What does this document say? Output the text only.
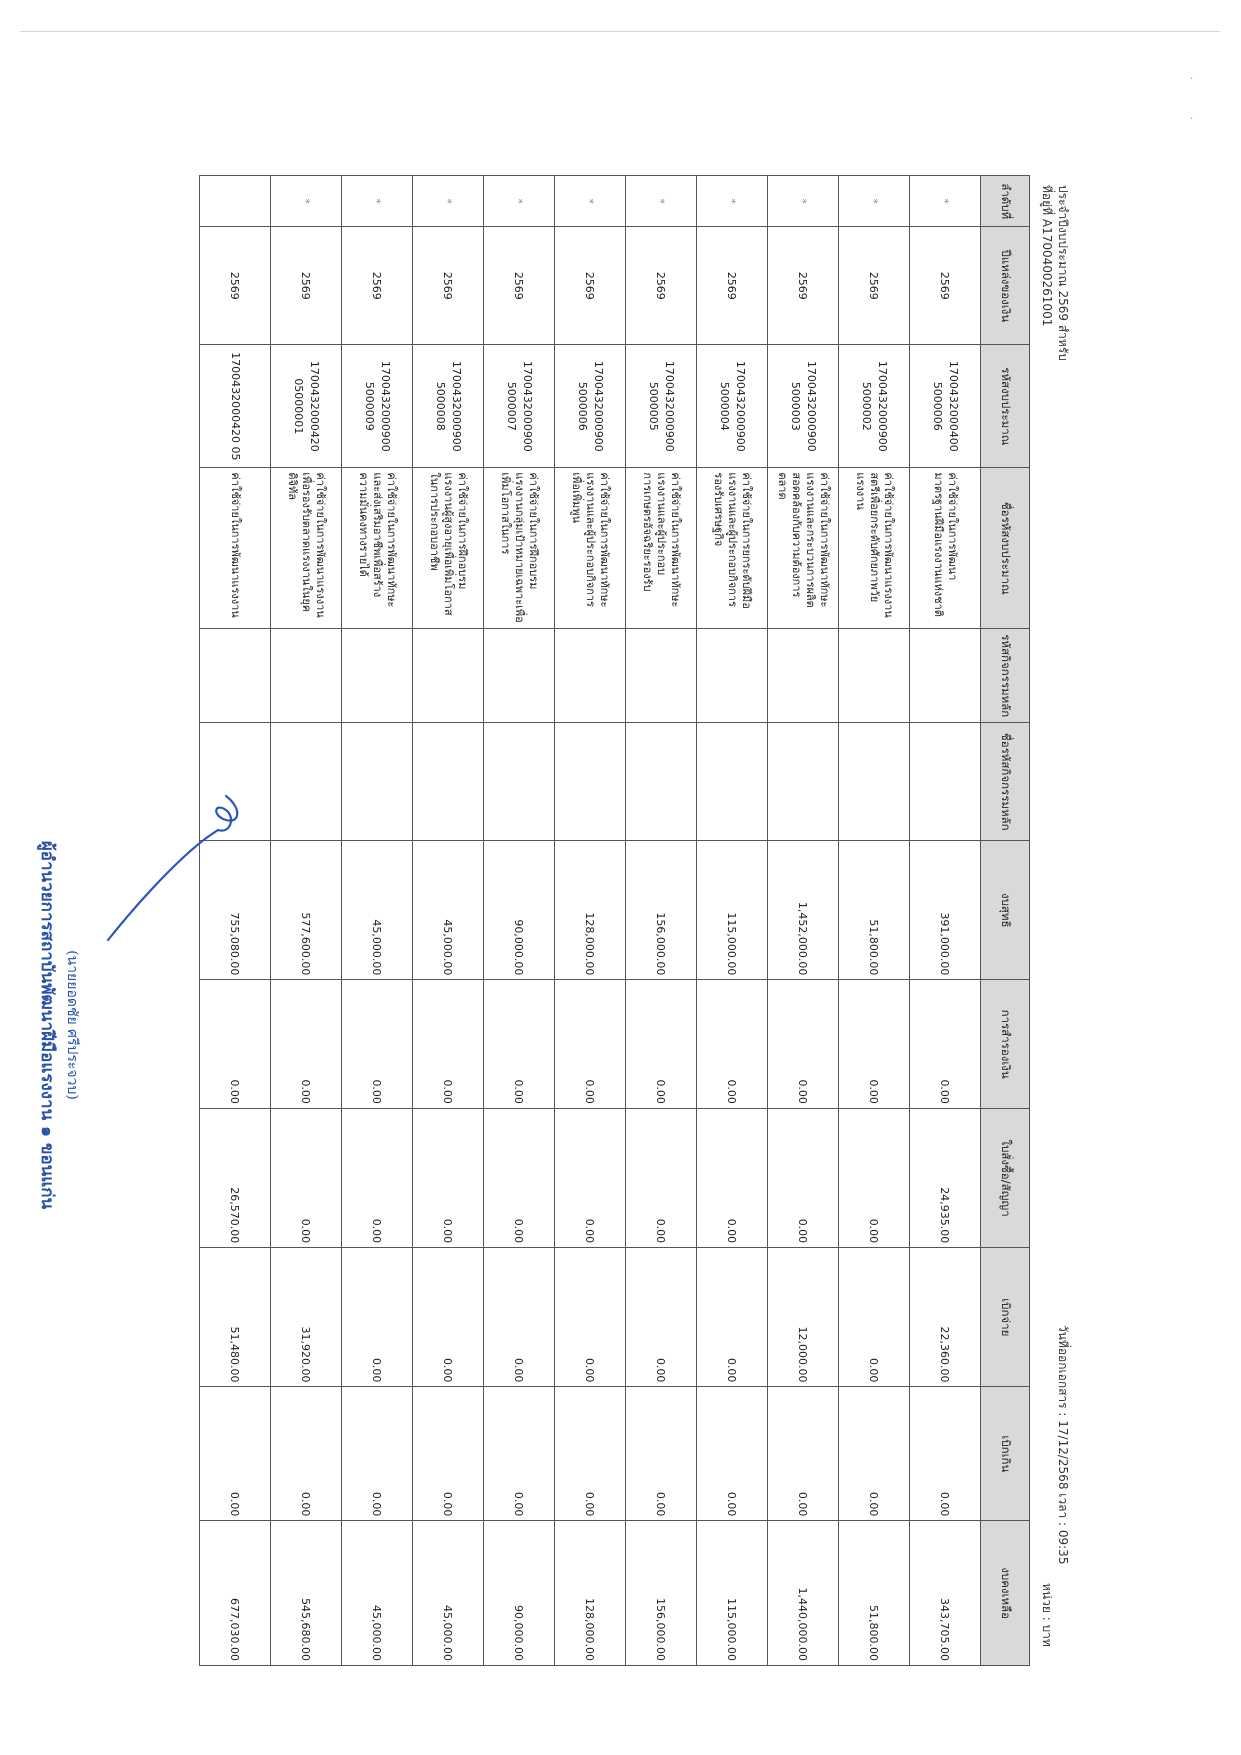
·
·
ประจำปีงบประมาณ 2569 สำหรับ
ที่อยู่ที่ A1700400261001
วันที่ออกเอกสาร : 17/12/2568 เวลา : 09:35
หน่วย : บาท
ลำดับที่	ปีแหล่งของเงิน	รหัสงบประมาณ	ชื่อรหัสงบประมาณ	รหัสกิจกรรมหลัก	ชื่อรหัสกิจกรรมหลัก	งบสุทธิ	การสำรองเงิน	ใบสั่งซื้อ/สัญญา	เบิกจ่าย	เบิกเกิน	งบคงเหลือ
*	2569	1700432000400 5000006	ค่าใช้จ่ายในการพัฒนามาตรฐานฝีมือแรงงานแห่งชาติ			391,000.00	0.00	24,935.00	22,360.00	0.00	343,705.00
*	2569	1700432000900 5000002	ค่าใช้จ่ายในการพัฒนาแรงงานสตรีเพื่อยกระดับศักยภาพวัยแรงงาน			51,800.00	0.00	0.00	0.00	0.00	51,800.00
*	2569	1700432000900 5000003	ค่าใช้จ่ายในการพัฒนาทักษะแรงงานและกระบวนการผลิตสอดคล้องกับความต้องการตลาด			1,452,000.00	0.00	0.00	12,000.00	0.00	1,440,000.00
*	2569	1700432000900 5000004	ค่าใช้จ่ายในการยกระดับฝีมือแรงงานและผู้ประกอบกิจการรองรับเศรษฐกิจ			115,000.00	0.00	0.00	0.00	0.00	115,000.00
*	2569	1700432000900 5000005	ค่าใช้จ่ายในการพัฒนาทักษะแรงงานและผู้ประกอบการเกษตรอัจฉริยะรองรับ			156,000.00	0.00	0.00	0.00	0.00	156,000.00
*	2569	1700432000900 5000006	ค่าใช้จ่ายในการพัฒนาทักษะแรงงานและผู้ประกอบกิจการเพื่อเพิ่มพูน			128,000.00	0.00	0.00	0.00	0.00	128,000.00
*	2569	1700432000900 5000007	ค่าใช้จ่ายในการฝึกอบรมแรงงานกลุ่มเป้าหมายเฉพาะเพื่อเพิ่มโอกาสในการ			90,000.00	0.00	0.00	0.00	0.00	90,000.00
*	2569	1700432000900 5000008	ค่าใช้จ่ายในการฝึกอบรมแรงงานผู้สูงอายุเพื่อเพิ่มโอกาสในการประกอบอาชีพ			45,000.00	0.00	0.00	0.00	0.00	45,000.00
*	2569	1700432000900 5000009	ค่าใช้จ่ายในการพัฒนาทักษะและส่งเสริมอาชีพเพื่อสร้างความมั่นคงทางรายได้			45,000.00	0.00	0.00	0.00	0.00	45,000.00
*	2569	1700432000420 05000001	ค่าใช้จ่ายในการพัฒนาแรงงานเพื่อรองรับตลาดแรงงานในยุคดิจิทัล			577,600.00	0.00	0.00	31,920.00	0.00	545,680.00
	2569	1700432000420 05	ค่าใช้จ่ายในการพัฒนาแรงงาน			755,080.00	0.00	26,570.00	51,480.00	0.00	677,030.00
(นายยอดชัย ศรีประจวบ)
ผู้อำนวยการสถาบันพัฒนาฝีมือแรงงาน ๑ ขอนแก่น
